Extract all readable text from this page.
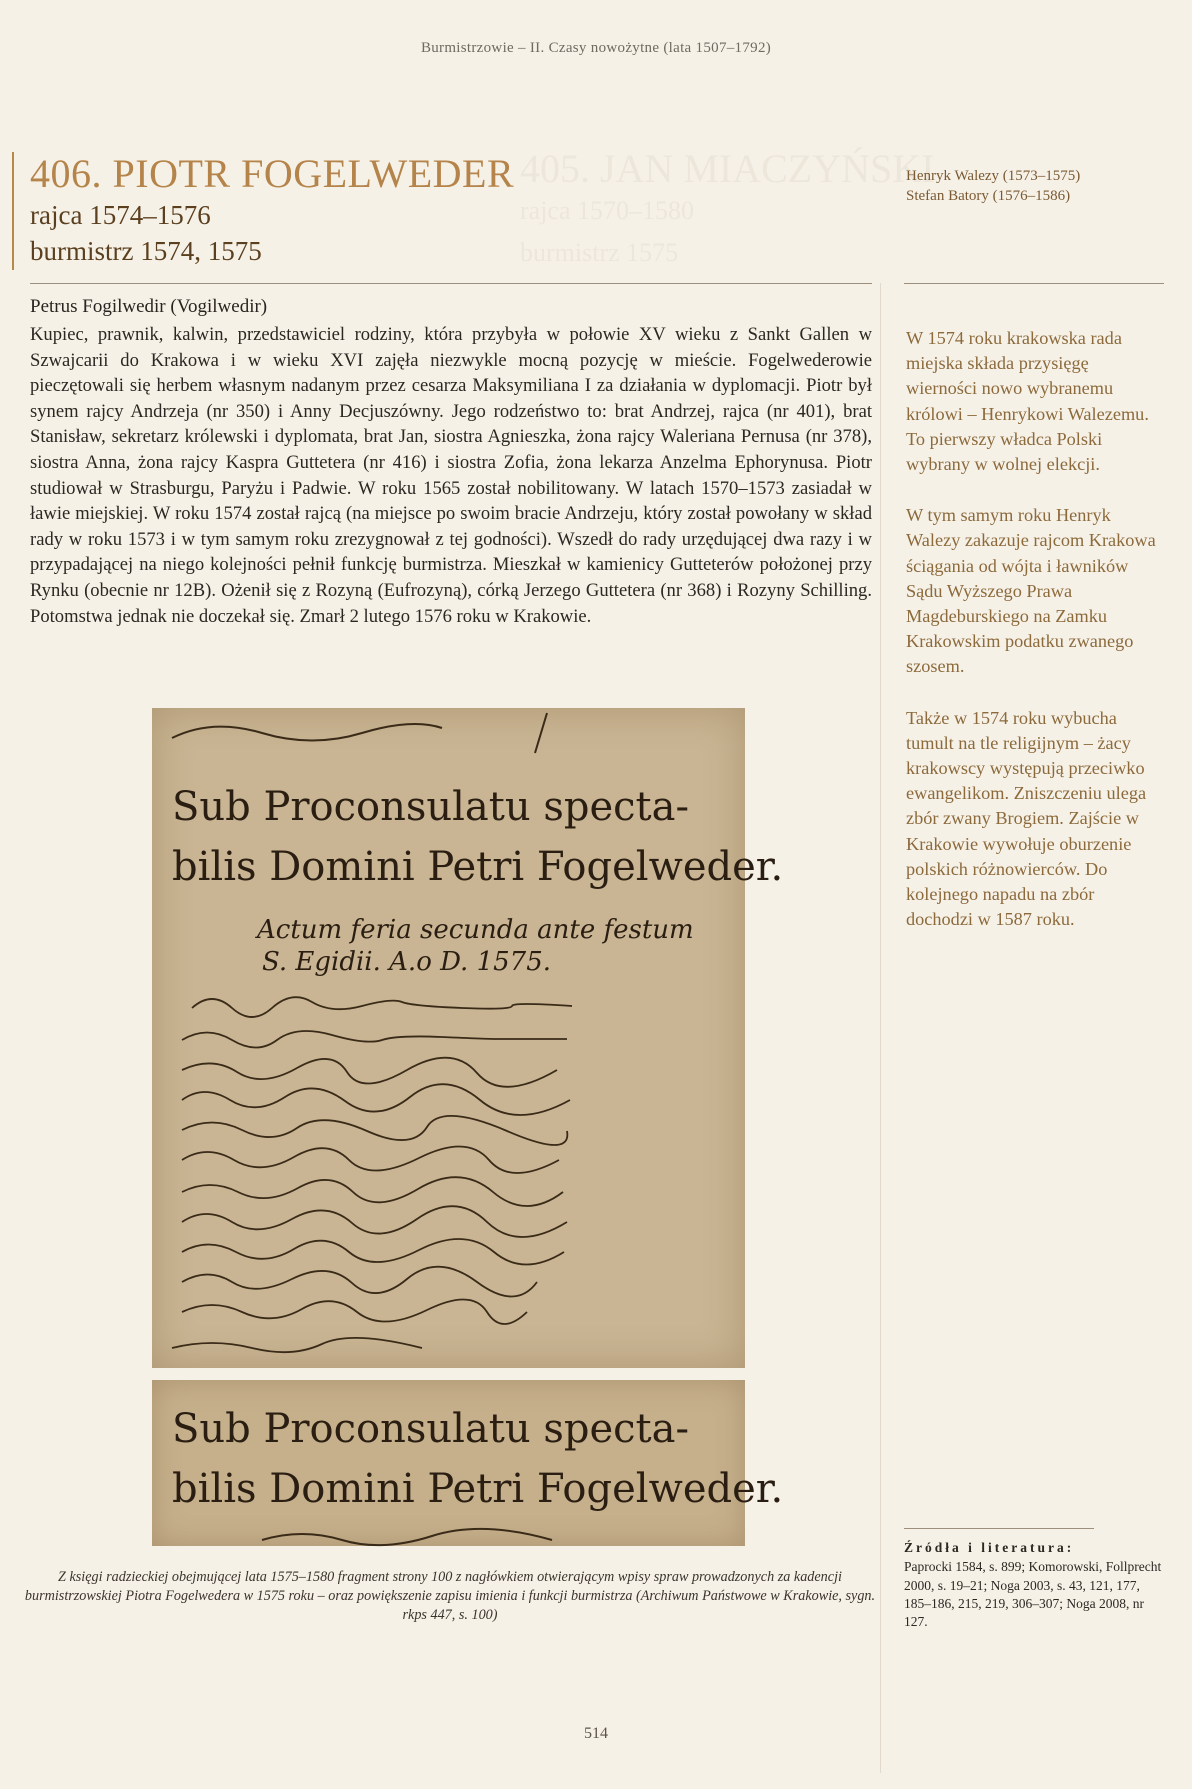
Burmistrzowie – II. Czasy nowożytne (lata 1507–1792)
405. JAN MIACZYŃSKI
rajca 1570–1580
burmistrz 1575
406. PIOTR FOGELWEDER
rajca 1574–1576
burmistrz 1574, 1575
Henryk Walezy (1573–1575)
Stefan Batory (1576–1586)
Petrus Fogilwedir (Vogilwedir)
Kupiec, prawnik, kalwin, przedstawiciel rodziny, która przybyła w połowie XV wieku z Sankt Gallen w Szwajcarii do Krakowa i w wieku XVI zajęła niezwykle mocną pozycję w mieście. Fogelwederowie pieczętowali się herbem własnym nadanym przez cesarza Maksymiliana I za działania w dyplomacji. Piotr był synem rajcy Andrzeja (nr 350) i Anny Decjuszówny. Jego rodzeństwo to: brat Andrzej, rajca (nr 401), brat Stanisław, sekretarz królewski i dyplomata, brat Jan, siostra Agnieszka, żona rajcy Waleriana Pernusa (nr 378), siostra Anna, żona rajcy Kaspra Guttetera (nr 416) i siostra Zofia, żona lekarza Anzelma Ephorynusa. Piotr studiował w Strasburgu, Paryżu i Padwie. W roku 1565 został nobilitowany. W latach 1570–1573 zasiadał w ławie miejskiej. W roku 1574 został rajcą (na miejsce po swoim bracie Andrzeju, który został powołany w skład rady w roku 1573 i w tym samym roku zrezygnował z tej godności). Wszedł do rady urzędującej dwa razy i w przypadającej na niego kolejności pełnił funkcję burmistrza. Mieszkał w kamienicy Gutteterów położonej przy Rynku (obecnie nr 12B). Ożenił się z Rozyną (Eufrozyną), córką Jerzego Guttetera (nr 368) i Rozyny Schilling. Potomstwa jednak nie doczekał się. Zmarł 2 lutego 1576 roku w Krakowie.

W 1574 roku krakowska rada miejska składa przysięgę wierności nowo wybranemu królowi – Henrykowi Walezemu. To pierwszy władca Polski wybrany w wolnej elekcji.

W tym samym roku Henryk Walezy zakazuje rajcom Krakowa ściągania od wójta i ławników Sądu Wyższego Prawa Magdeburskiego na Zamku Krakowskim podatku zwanego szosem.

Także w 1574 roku wybucha tumult na tle religijnym – żacy krakowscy występują przeciwko ewangelikom. Zniszczeniu ulega zbór zwany Brogiem. Zajście w Krakowie wywołuje oburzenie polskich różnowierców. Do kolejnego napadu na zbór dochodzi w 1587 roku.

Sub Proconsulatu specta-
bilis Domini Petri Fogelweder.
Actum feria secunda ante festum
S. Egidii. A.o D. 1575.
Sub Proconsulatu specta-
bilis Domini Petri Fogelweder.
Z księgi radzieckiej obejmującej lata 1575–1580 fragment strony 100 z nagłówkiem otwierającym wpisy spraw prowadzonych za kadencji burmistrzowskiej Piotra Fogelwedera w 1575 roku – oraz powiększenie zapisu imienia i funkcji burmistrza (Archiwum Państwowe w Krakowie, sygn. rkps 447, s. 100)
Źródła i literatura:
Paprocki 1584, s. 899; Komorowski, Follprecht 2000, s. 19–21; Noga 2003, s. 43, 121, 177, 185–186, 215, 219, 306–307; Noga 2008, nr 127.
514
